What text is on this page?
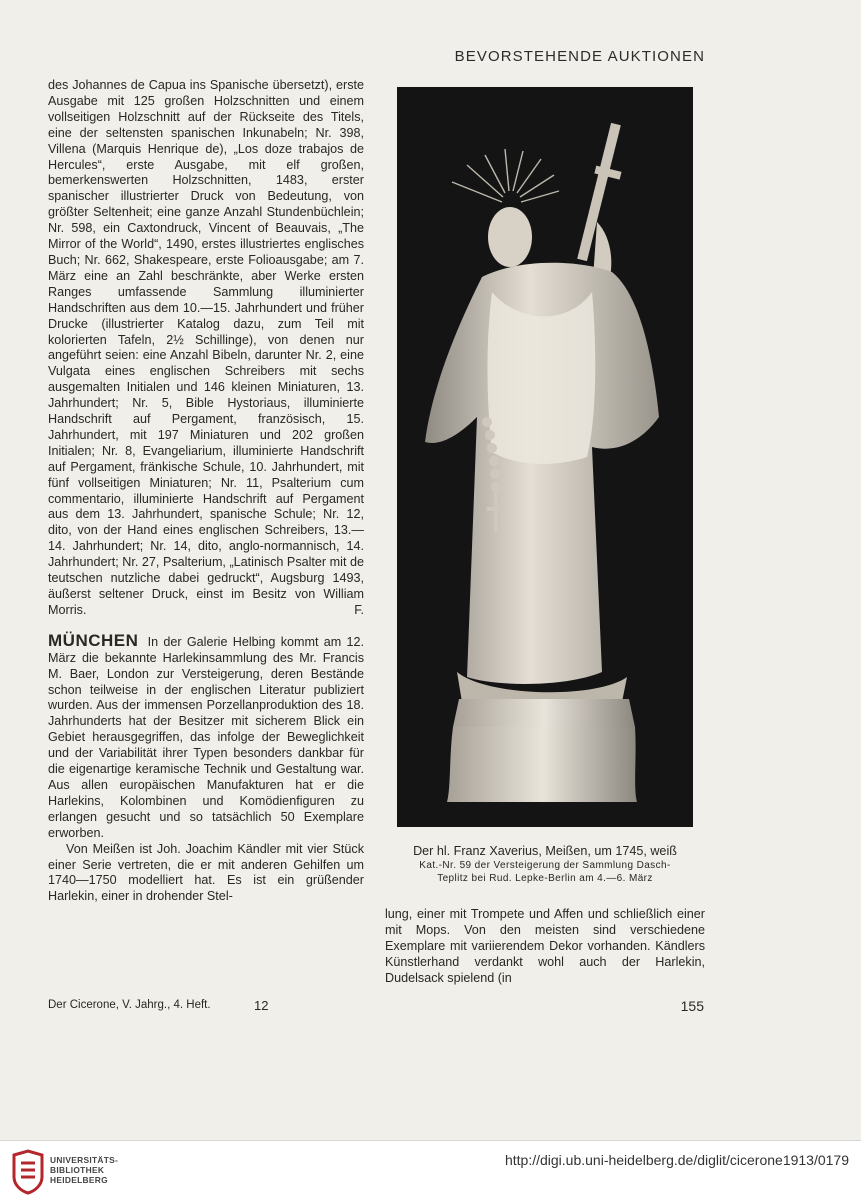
BEVORSTEHENDE AUKTIONEN

des Johannes de Capua ins Spanische übersetzt), erste Ausgabe mit 125 großen Holzschnitten und einem vollseitigen Holzschnitt auf der Rückseite des Titels, eine der seltensten spanischen Inkunabeln; Nr. 398, Villena (Marquis Henrique de), „Los doze trabajos de Hercules“, erste Ausgabe, mit elf großen, bemerkenswerten Holzschnitten, 1483, erster spanischer illustrierter Druck von Bedeutung, von größter Seltenheit; eine ganze Anzahl Stundenbüchlein; Nr. 598, ein Caxtondruck, Vincent of Beauvais, „The Mirror of the World“, 1490, erstes illustriertes englisches Buch; Nr. 662, Shakespeare, erste Folioausgabe; am 7. März eine an Zahl beschränkte, aber Werke ersten Ranges umfassende Sammlung illuminierter Handschriften aus dem 10.—15. Jahrhundert und früher Drucke (illustrierter Katalog dazu, zum Teil mit kolorierten Tafeln, 2½ Schillinge), von denen nur angeführt seien: eine Anzahl Bibeln, darunter Nr. 2, eine Vulgata eines englischen Schreibers mit sechs ausgemalten Initialen und 146 kleinen Miniaturen, 13. Jahrhundert; Nr. 5, Bible Hystoriaus, illuminierte Handschrift auf Pergament, französisch, 15. Jahrhundert, mit 197 Miniaturen und 202 großen Initialen; Nr. 8, Evangeliarium, illuminierte Handschrift auf Pergament, fränkische Schule, 10. Jahrhundert, mit fünf vollseitigen Miniaturen; Nr. 11, Psalterium cum commentario, illuminierte Handschrift auf Pergament aus dem 13. Jahrhundert, spanische Schule; Nr. 12, dito, von der Hand eines englischen Schreibers, 13.—14. Jahrhundert; Nr. 14, dito, anglo-normannisch, 14. Jahrhundert; Nr. 27, Psalterium, „Latinisch Psalter mit de teutschen nutzliche dabei gedruckt“, Augsburg 1493, äußerst seltener Druck, einst im Besitz von William Morris.	F.

MÜNCHEN In der Galerie Helbing kommt am 12. März die bekannte Harlekinsammlung des Mr. Francis M. Baer, London zur Versteigerung, deren Bestände schon teilweise in der englischen Literatur publiziert wurden. Aus der immensen Porzellanproduktion des 18. Jahrhunderts hat der Besitzer mit sicherem Blick ein Gebiet herausgegriffen, das infolge der Beweglichkeit und der Variabilität ihrer Typen besonders dankbar für die eigenartige keramische Technik und Gestaltung war. Aus allen europäischen Manufakturen hat er die Harlekins, Kolombinen und Komödienfiguren zu erlangen gesucht und so tatsächlich 50 Exemplare erworben.

Von Meißen ist Joh. Joachim Kändler mit vier Stück einer Serie vertreten, die er mit anderen Gehilfen um 1740—1750 modelliert hat. Es ist ein grüßender Harlekin, einer in drohender Stel-

Der hl. Franz Xaverius, Meißen, um 1745, weiß
Kat.-Nr. 59 der Versteigerung der Sammlung Dasch-
Teplitz bei Rud. Lepke-Berlin am 4.—6. März

lung, einer mit Trompete und Affen und schließlich einer mit Mops. Von den meisten sind verschiedene Exemplare mit variierendem Dekor vorhanden. Kändlers Künstlerhand verdankt wohl auch der Harlekin, Dudelsack spielend (in

Der Cicerone, V. Jahrg., 4. Heft.	12	155
UNIVERSITÄTS-
BIBLIOTHEK
HEIDELBERG
http://digi.ub.uni-heidelberg.de/diglit/cicerone1913/0179
